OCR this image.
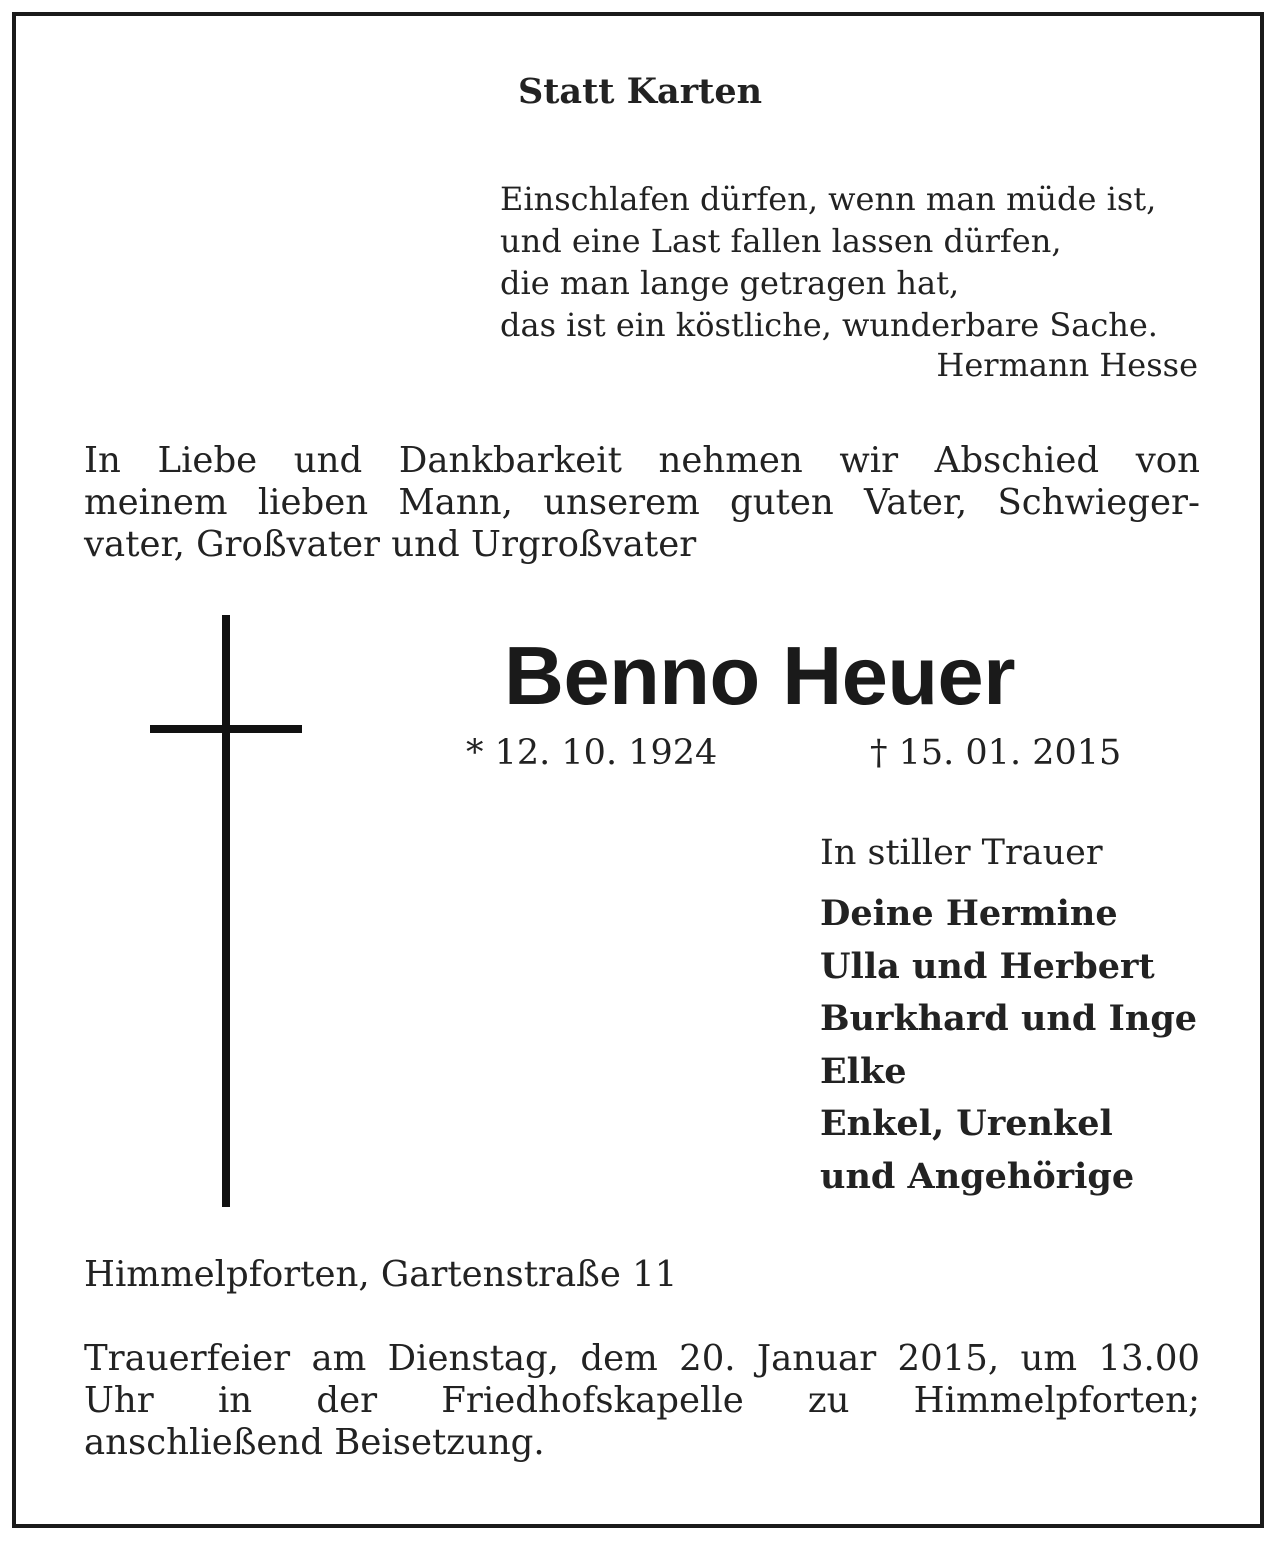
Statt Karten
Einschlafen dürfen, wenn man müde ist,
und eine Last fallen lassen dürfen,
die man lange getragen hat,
das ist ein köstliche, wunderbare Sache.
Hermann Hesse

In Liebe und Dankbarkeit nehmen wir Abschied von
meinem lieben Mann, unserem guten Vater, Schwieger-
vater, Großvater und Urgroßvater

Benno Heuer
* 12. 10. 1924	† 15. 01. 2015
In stiller Trauer
Deine Hermine
Ulla und Herbert
Burkhard und Inge
Elke
Enkel, Urenkel
und Angehörige
Himmelpforten, Gartenstraße 11

Trauerfeier am Dienstag, dem 20. Januar 2015, um 13.00
Uhr in der Friedhofskapelle zu Himmelpforten;
anschließend Beisetzung.
